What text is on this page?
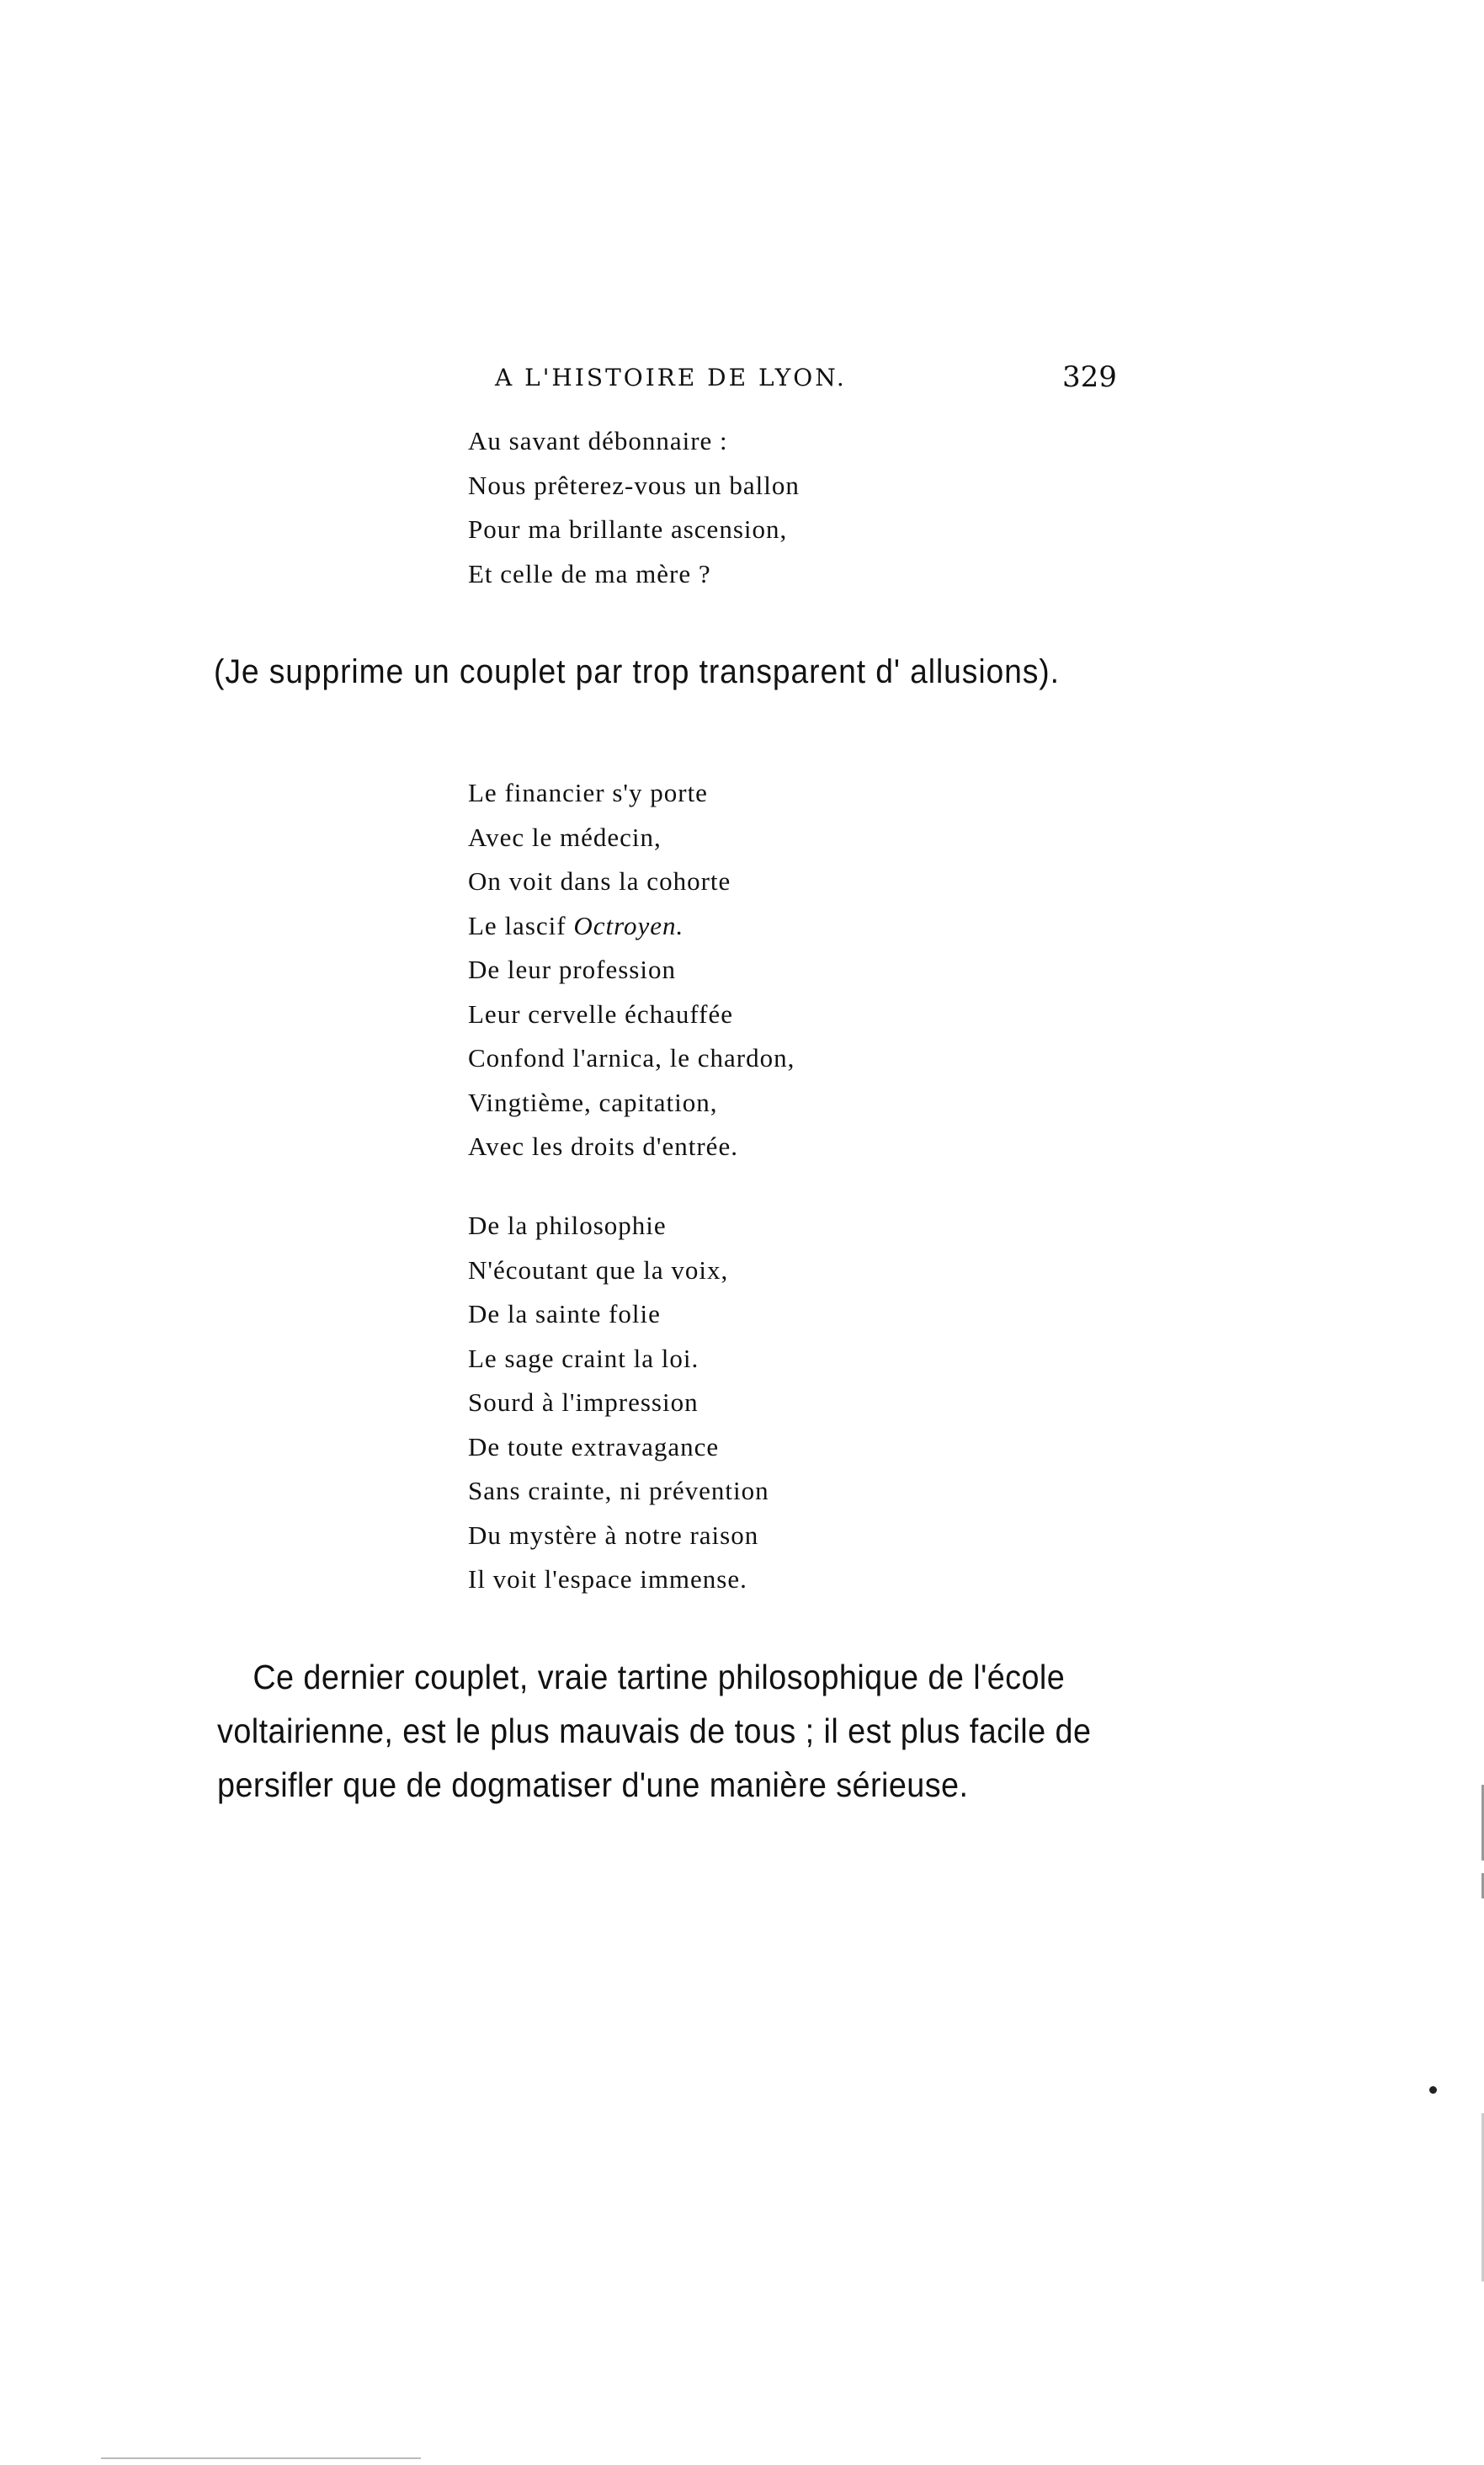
A L'HISTOIRE DE LYON.	329
Au savant débonnaire :
Nous prêterez-vous un ballon
Pour ma brillante ascension,
Et celle de ma mère ?
(Je supprime un couplet par trop transparent d' allusions).
Le financier s'y porte
Avec le médecin,
On voit dans la cohorte
Le lascif Octroyen.
De leur profession
Leur cervelle échauffée
Confond l'arnica, le chardon,
Vingtième, capitation,
Avec les droits d'entrée.
De la philosophie
N'écoutant que la voix,
De la sainte folie
Le sage craint la loi.
Sourd à l'impression
De toute extravagance
Sans crainte, ni prévention
Du mystère à notre raison
Il voit l'espace immense.
Ce dernier couplet, vraie tartine philosophique de l'école
voltairienne, est le plus mauvais de tous ; il est plus facile de
persifler que de dogmatiser d'une manière sérieuse.
